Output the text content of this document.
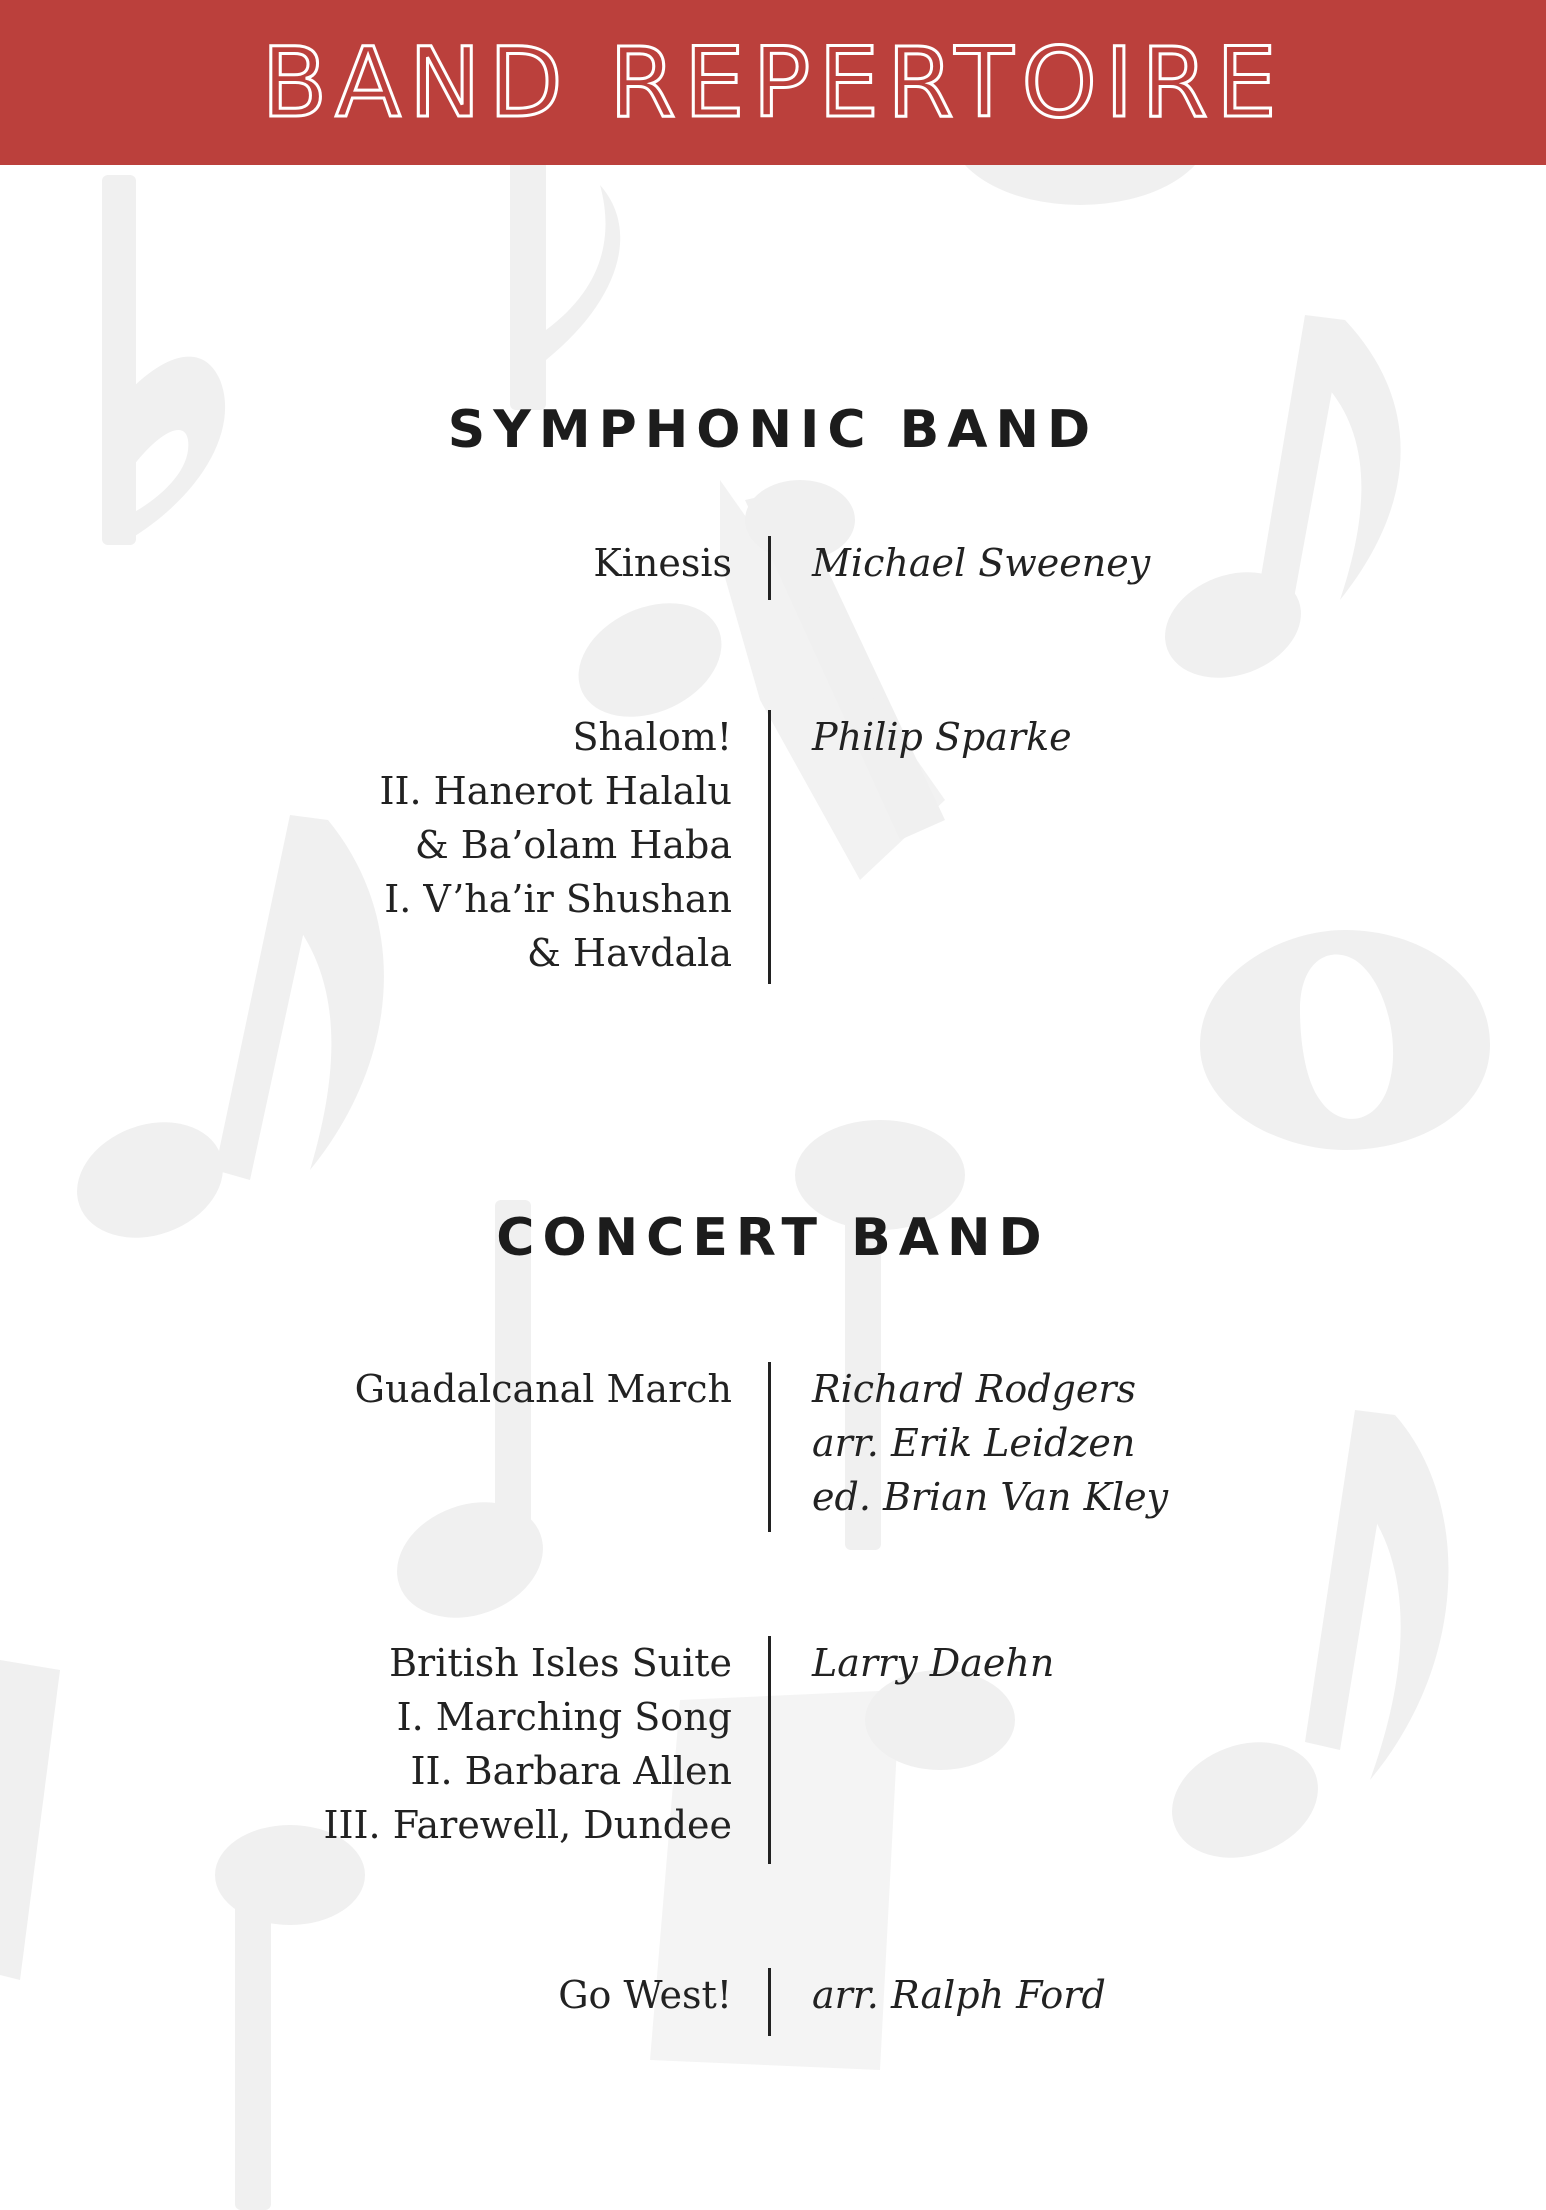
BAND REPERTOIRE
SYMPHONIC BAND
Kinesis Michael Sweeney
Shalom!
II. Hanerot Halalu
& Ba’olam Haba
I. V’ha’ir Shushan
& Havdala
Philip Sparke
CONCERT BAND
Guadalcanal March Richard Rodgers
arr. Erik Leidzen
ed. Brian Van Kley
British Isles Suite
I. Marching Song
II. Barbara Allen
III. Farewell, Dundee
Larry Daehn
Go West! arr. Ralph Ford
